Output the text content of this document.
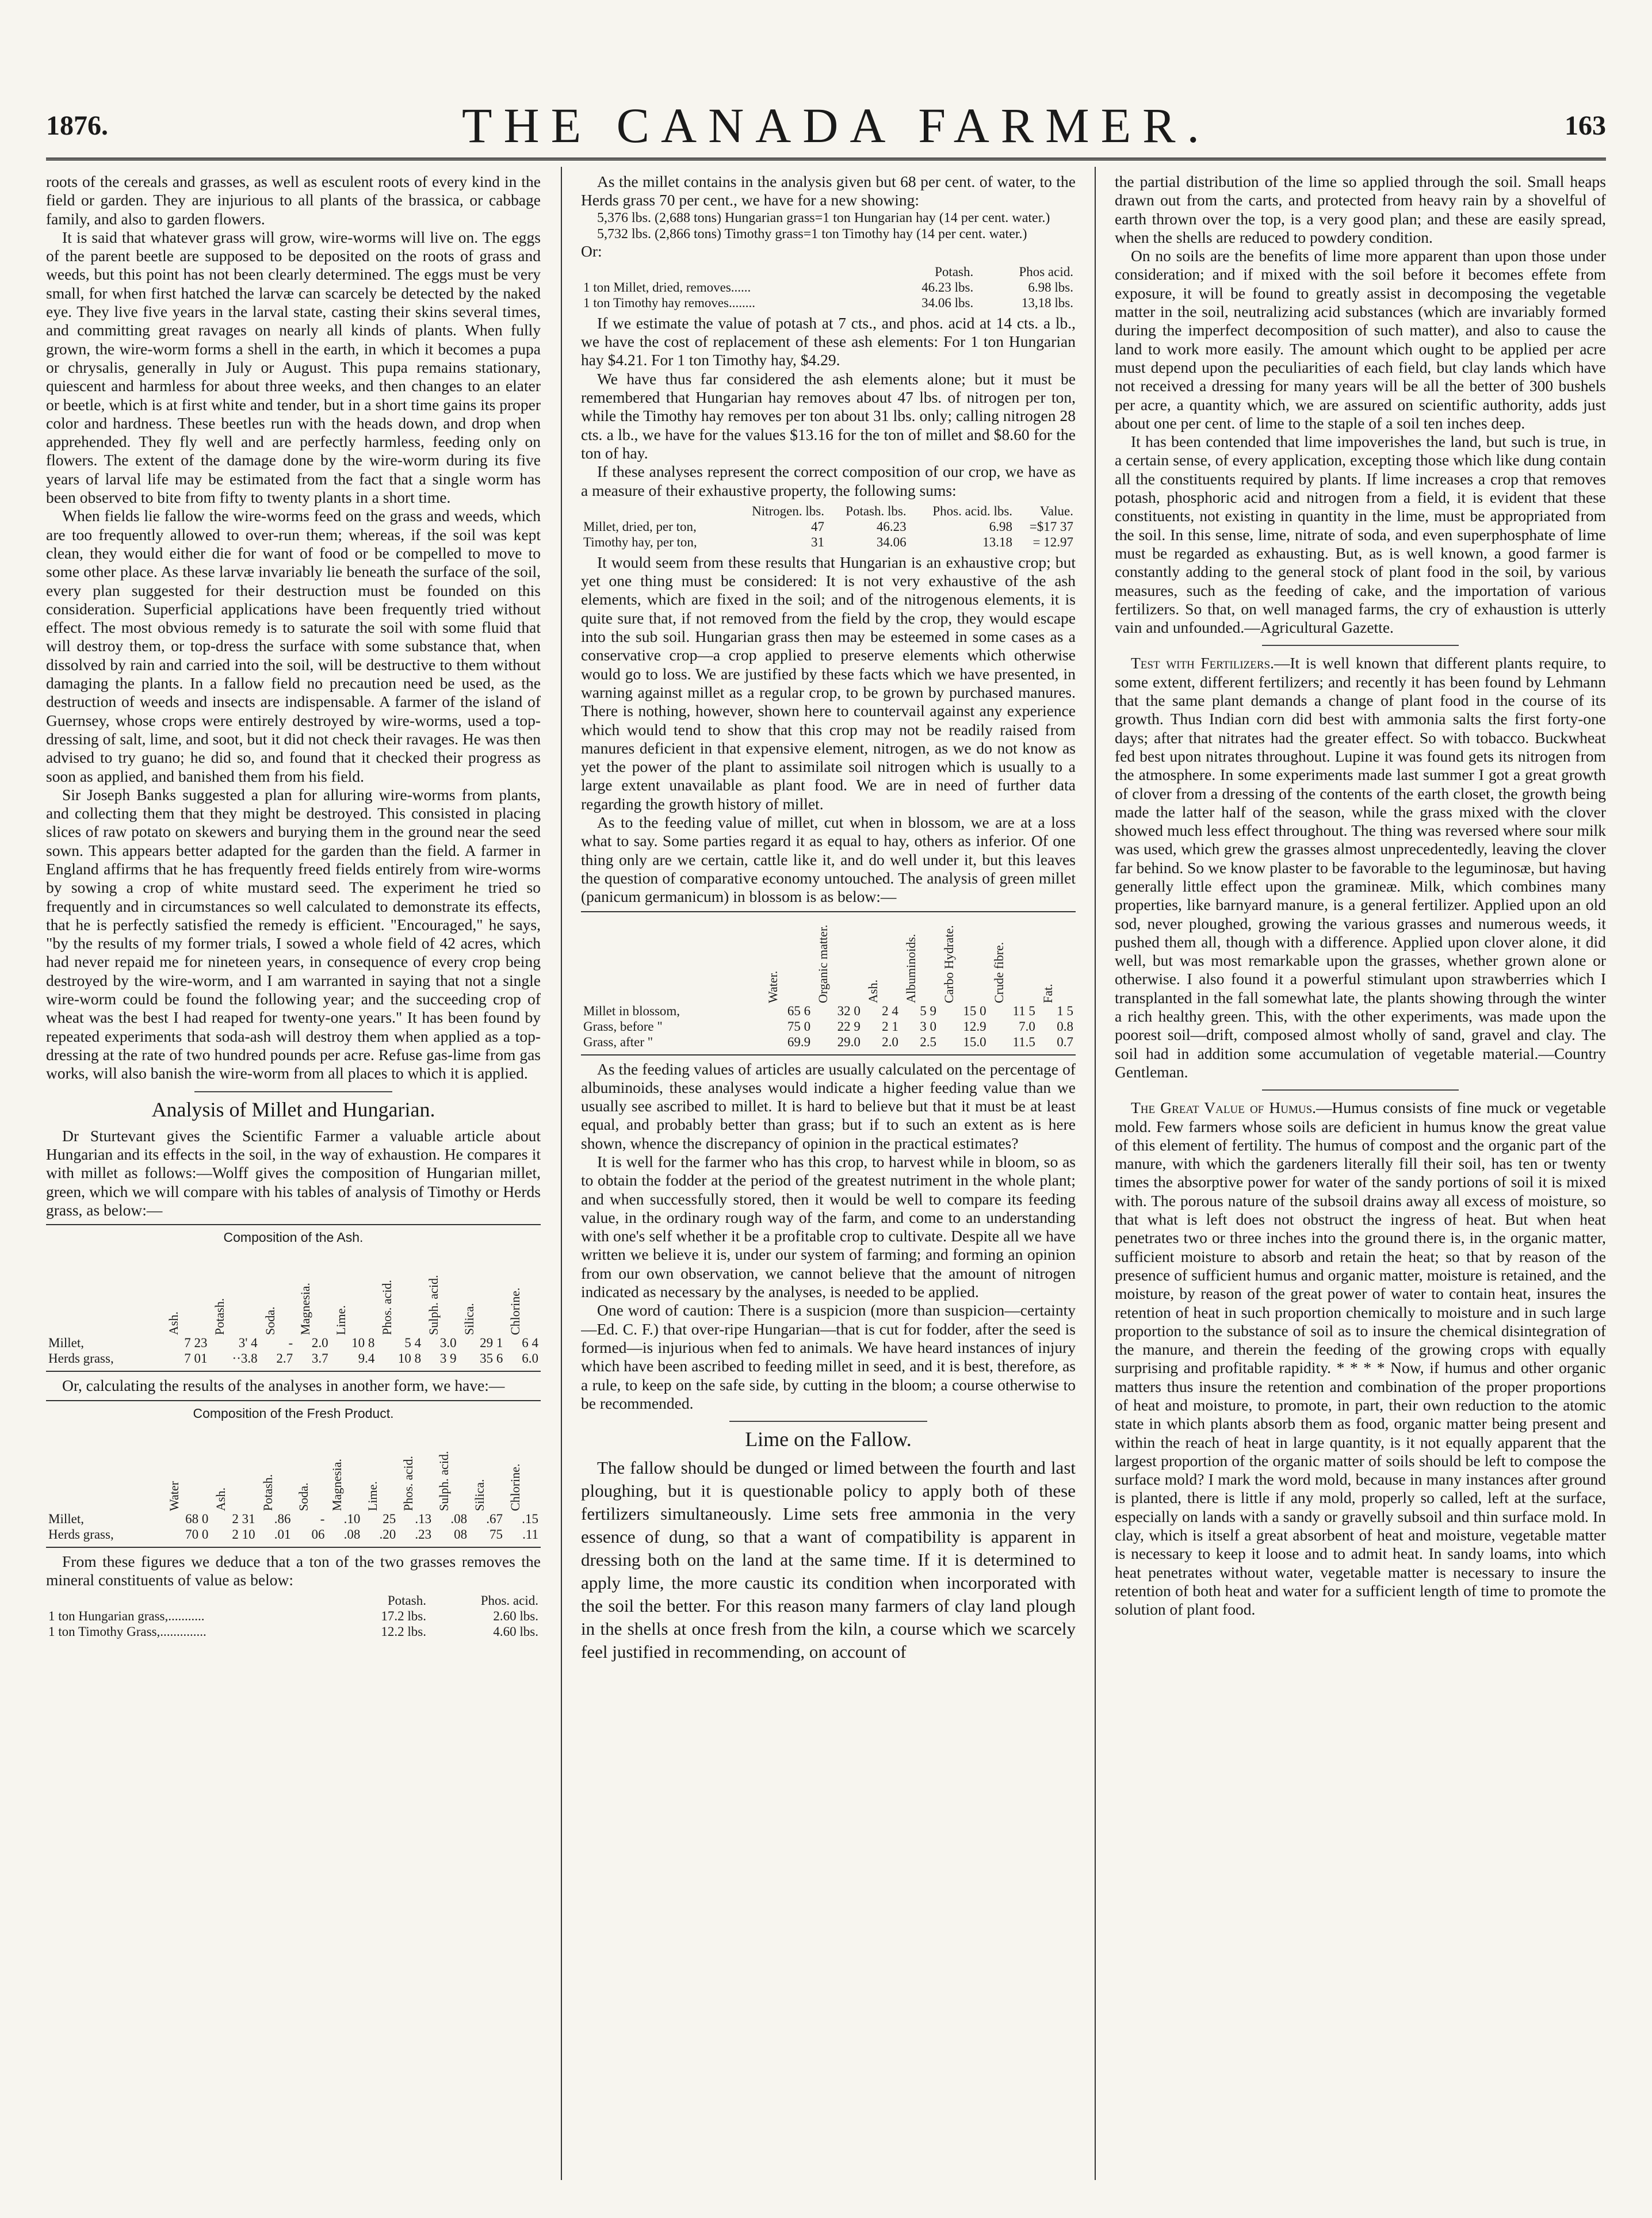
1876.	THE CANADA FARMER.	163

roots of the cereals and grasses, as well as esculent roots of every kind in the field or garden. They are injurious to all plants of the brassica, or cabbage family, and also to garden flowers.

It is said that whatever grass will grow, wire-worms will live on. The eggs of the parent beetle are supposed to be deposited on the roots of grass and weeds, but this point has not been clearly determined. The eggs must be very small, for when first hatched the larvæ can scarcely be detected by the naked eye. They live five years in the larval state, casting their skins several times, and committing great ravages on nearly all kinds of plants. When fully grown, the wire-worm forms a shell in the earth, in which it becomes a pupa or chrysalis, generally in July or August. This pupa remains stationary, quiescent and harmless for about three weeks, and then changes to an elater or beetle, which is at first white and tender, but in a short time gains its proper color and hardness. These beetles run with the heads down, and drop when apprehended. They fly well and are perfectly harmless, feeding only on flowers. The extent of the damage done by the wire-worm during its five years of larval life may be estimated from the fact that a single worm has been observed to bite from fifty to twenty plants in a short time.

When fields lie fallow the wire-worms feed on the grass and weeds, which are too frequently allowed to over-run them; whereas, if the soil was kept clean, they would either die for want of food or be compelled to move to some other place. As these larvæ invariably lie beneath the surface of the soil, every plan suggested for their destruction must be founded on this consideration. Superficial applications have been frequently tried without effect. The most obvious remedy is to saturate the soil with some fluid that will destroy them, or top-dress the surface with some substance that, when dissolved by rain and carried into the soil, will be destructive to them without damaging the plants. In a fallow field no precaution need be used, as the destruction of weeds and insects are indispensable. A farmer of the island of Guernsey, whose crops were entirely destroyed by wire-worms, used a top-dressing of salt, lime, and soot, but it did not check their ravages. He was then advised to try guano; he did so, and found that it checked their progress as soon as applied, and banished them from his field.

Sir Joseph Banks suggested a plan for alluring wire-worms from plants, and collecting them that they might be destroyed. This consisted in placing slices of raw potato on skewers and burying them in the ground near the seed sown. This appears better adapted for the garden than the field. A farmer in England affirms that he has frequently freed fields entirely from wire-worms by sowing a crop of white mustard seed. The experiment he tried so frequently and in circumstances so well calculated to demonstrate its effects, that he is perfectly satisfied the remedy is efficient. "Encouraged," he says, "by the results of my former trials, I sowed a whole field of 42 acres, which had never repaid me for nineteen years, in consequence of every crop being destroyed by the wire-worm, and I am warranted in saying that not a single wire-worm could be found the following year; and the succeeding crop of wheat was the best I had reaped for twenty-one years." It has been found by repeated experiments that soda-ash will destroy them when applied as a top-dressing at the rate of two hundred pounds per acre. Refuse gas-lime from gas works, will also banish the wire-worm from all places to which it is applied.

Analysis of Millet and Hungarian.

Dr Sturtevant gives the Scientific Farmer a valuable article about Hungarian and its effects in the soil, in the way of exhaustion. He compares it with millet as follows:—Wolff gives the composition of Hungarian millet, green, which we will compare with his tables of analysis of Timothy or Herds grass, as below:—

Composition of the Ash.

	Ash.	Potash.	Soda.	Magnesia.	Lime.	Phos. acid.	Sulph. acid.	Silica.	Chlorine.

Millet,	7 23	3' 4	-	2.0	10 8	5 4	3.0	29 1	6 4
Herds grass,	7 01	··3.8	2.7	3.7	9.4	10 8	3 9	35 6	6.0

Or, calculating the results of the analyses in another form, we have:—

Composition of the Fresh Product.

	Water	Ash.	Potash.	Soda.	Magnesia.	Lime.	Phos. acid.	Sulph. acid.	Silica.	Chlorine.

Millet,	68 0	2 31	.86	-	.10	25	.13	.08	.67	.15
Herds grass,	70 0	2 10	.01	06	.08	.20	.23	08	75	.11

From these figures we deduce that a ton of the two grasses removes the mineral constituents of value as below:

	Potash.	Phos. acid.
1 ton Hungarian grass,...........	17.2 lbs.	2.60 lbs.
1 ton Timothy Grass,..............	12.2 lbs.	4.60 lbs.

As the millet contains in the analysis given but 68 per cent. of water, to the Herds grass 70 per cent., we have for a new showing:

5,376 lbs. (2,688 tons) Hungarian grass=1 ton Hungarian hay (14 per cent. water.)

5,732 lbs. (2,866 tons) Timothy grass=1 ton Timothy hay (14 per cent. water.)

Or:

	Potash.	Phos acid.
1 ton Millet, dried, removes......	46.23 lbs.	6.98 lbs.
1 ton Timothy hay removes........	34.06 lbs.	13,18 lbs.

If we estimate the value of potash at 7 cts., and phos. acid at 14 cts. a lb., we have the cost of replacement of these ash elements: For 1 ton Hungarian hay $4.21. For 1 ton Timothy hay, $4.29.

We have thus far considered the ash elements alone; but it must be remembered that Hungarian hay removes about 47 lbs. of nitrogen per ton, while the Timothy hay removes per ton about 31 lbs. only; calling nitrogen 28 cts. a lb., we have for the values $13.16 for the ton of millet and $8.60 for the ton of hay.

If these analyses represent the correct composition of our crop, we have as a measure of their exhaustive property, the following sums:

	Nitrogen. lbs.	Potash. lbs.	Phos. acid. lbs.	Value.
Millet, dried, per ton,	47	46.23	6.98	=$17 37
Timothy hay, per ton,	31	34.06	13.18	= 12.97

It would seem from these results that Hungarian is an exhaustive crop; but yet one thing must be considered: It is not very exhaustive of the ash elements, which are fixed in the soil; and of the nitrogenous elements, it is quite sure that, if not removed from the field by the crop, they would escape into the sub soil. Hungarian grass then may be esteemed in some cases as a conservative crop—a crop applied to preserve elements which otherwise would go to loss. We are justified by these facts which we have presented, in warning against millet as a regular crop, to be grown by purchased manures. There is nothing, however, shown here to countervail against any experience which would tend to show that this crop may not be readily raised from manures deficient in that expensive element, nitrogen, as we do not know as yet the power of the plant to assimilate soil nitrogen which is usually to a large extent unavailable as plant food. We are in need of further data regarding the growth history of millet.

As to the feeding value of millet, cut when in blossom, we are at a loss what to say. Some parties regard it as equal to hay, others as inferior. Of one thing only are we certain, cattle like it, and do well under it, but this leaves the question of comparative economy untouched. The analysis of green millet (panicum germanicum) in blossom is as below:—

	Water.	Organic matter.	Ash.	Albuminoids.	Carbo Hydrate.	Crude fibre.	Fat.

Millet in blossom,	65 6	32 0	2 4	5 9	15 0	11 5	1 5
Grass, before "	75 0	22 9	2 1	3 0	12.9	7.0	0.8
Grass, after "	69.9	29.0	2.0	2.5	15.0	11.5	0.7

As the feeding values of articles are usually calculated on the percentage of albuminoids, these analyses would indicate a higher feeding value than we usually see ascribed to millet. It is hard to believe but that it must be at least equal, and probably better than grass; but if to such an extent as is here shown, whence the discrepancy of opinion in the practical estimates?

It is well for the farmer who has this crop, to harvest while in bloom, so as to obtain the fodder at the period of the greatest nutriment in the whole plant; and when successfully stored, then it would be well to compare its feeding value, in the ordinary rough way of the farm, and come to an understanding with one's self whether it be a profitable crop to cultivate. Despite all we have written we believe it is, under our system of farming; and forming an opinion from our own observation, we cannot believe that the amount of nitrogen indicated as necessary by the analyses, is needed to be applied.

One word of caution: There is a suspicion (more than suspicion—certainty—Ed. C. F.) that over-ripe Hungarian—that is cut for fodder, after the seed is formed—is injurious when fed to animals. We have heard instances of injury which have been ascribed to feeding millet in seed, and it is best, therefore, as a rule, to keep on the safe side, by cutting in the bloom; a course otherwise to be recommended.

Lime on the Fallow.

The fallow should be dunged or limed between the fourth and last ploughing, but it is questionable policy to apply both of these fertilizers simultaneously. Lime sets free ammonia in the very essence of dung, so that a want of compatibility is apparent in dressing both on the land at the same time. If it is determined to apply lime, the more caustic its condition when incorporated with the soil the better. For this reason many farmers of clay land plough in the shells at once fresh from the kiln, a course which we scarcely feel justified in recommending, on account of

the partial distribution of the lime so applied through the soil. Small heaps drawn out from the carts, and protected from heavy rain by a shovelful of earth thrown over the top, is a very good plan; and these are easily spread, when the shells are reduced to powdery condition.

On no soils are the benefits of lime more apparent than upon those under consideration; and if mixed with the soil before it becomes effete from exposure, it will be found to greatly assist in decomposing the vegetable matter in the soil, neutralizing acid substances (which are invariably formed during the imperfect decomposition of such matter), and also to cause the land to work more easily. The amount which ought to be applied per acre must depend upon the peculiarities of each field, but clay lands which have not received a dressing for many years will be all the better of 300 bushels per acre, a quantity which, we are assured on scientific authority, adds just about one per cent. of lime to the staple of a soil ten inches deep.

It has been contended that lime impoverishes the land, but such is true, in a certain sense, of every application, excepting those which like dung contain all the constituents required by plants. If lime increases a crop that removes potash, phosphoric acid and nitrogen from a field, it is evident that these constituents, not existing in quantity in the lime, must be appropriated from the soil. In this sense, lime, nitrate of soda, and even superphosphate of lime must be regarded as exhausting. But, as is well known, a good farmer is constantly adding to the general stock of plant food in the soil, by various measures, such as the feeding of cake, and the importation of various fertilizers. So that, on well managed farms, the cry of exhaustion is utterly vain and unfounded.—Agricultural Gazette.

Test with Fertilizers.—It is well known that different plants require, to some extent, different fertilizers; and recently it has been found by Lehmann that the same plant demands a change of plant food in the course of its growth. Thus Indian corn did best with ammonia salts the first forty-one days; after that nitrates had the greater effect. So with tobacco. Buckwheat fed best upon nitrates throughout. Lupine it was found gets its nitrogen from the atmosphere. In some experiments made last summer I got a great growth of clover from a dressing of the contents of the earth closet, the growth being made the latter half of the season, while the grass mixed with the clover showed much less effect throughout. The thing was reversed where sour milk was used, which grew the grasses almost unprecedentedly, leaving the clover far behind. So we know plaster to be favorable to the leguminosæ, but having generally little effect upon the gramineæ. Milk, which combines many properties, like barnyard manure, is a general fertilizer. Applied upon an old sod, never ploughed, growing the various grasses and numerous weeds, it pushed them all, though with a difference. Applied upon clover alone, it did well, but was most remarkable upon the grasses, whether grown alone or otherwise. I also found it a powerful stimulant upon strawberries which I transplanted in the fall somewhat late, the plants showing through the winter a rich healthy green. This, with the other experiments, was made upon the poorest soil—drift, composed almost wholly of sand, gravel and clay. The soil had in addition some accumulation of vegetable material.—Country Gentleman.

The Great Value of Humus.—Humus consists of fine muck or vegetable mold. Few farmers whose soils are deficient in humus know the great value of this element of fertility. The humus of compost and the organic part of the manure, with which the gardeners literally fill their soil, has ten or twenty times the absorptive power for water of the sandy portions of soil it is mixed with. The porous nature of the subsoil drains away all excess of moisture, so that what is left does not obstruct the ingress of heat. But when heat penetrates two or three inches into the ground there is, in the organic matter, sufficient moisture to absorb and retain the heat; so that by reason of the presence of sufficient humus and organic matter, moisture is retained, and the moisture, by reason of the great power of water to contain heat, insures the retention of heat in such proportion chemically to moisture and in such large proportion to the substance of soil as to insure the chemical disintegration of the manure, and therein the feeding of the growing crops with equally surprising and profitable rapidity. * * * * Now, if humus and other organic matters thus insure the retention and combination of the proper proportions of heat and moisture, to promote, in part, their own reduction to the atomic state in which plants absorb them as food, organic matter being present and within the reach of heat in large quantity, is it not equally apparent that the largest proportion of the organic matter of soils should be left to compose the surface mold? I mark the word mold, because in many instances after ground is planted, there is little if any mold, properly so called, left at the surface, especially on lands with a sandy or gravelly subsoil and thin surface mold. In clay, which is itself a great absorbent of heat and moisture, vegetable matter is necessary to keep it loose and to admit heat. In sandy loams, into which heat penetrates without water, vegetable matter is necessary to insure the retention of both heat and water for a sufficient length of time to promote the solution of plant food.
